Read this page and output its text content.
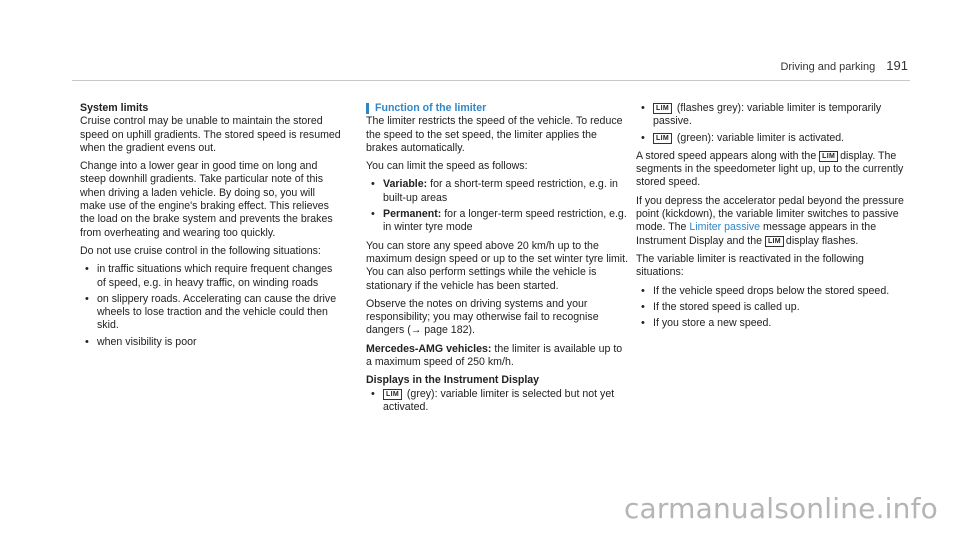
Driving and parking 191
System limits

Cruise control may be unable to maintain the stored speed on uphill gradients. The stored speed is resumed when the gradient evens out.

Change into a lower gear in good time on long and steep downhill gradients. Take particular note of this when driving a laden vehicle. By doing so, you will make use of the engine's braking effect. This relieves the load on the brake system and prevents the brakes from overheating and wearing too quickly.

Do not use cruise control in the following situations:

• in traffic situations which require frequent changes of speed, e.g. in heavy traffic, on winding roads
• on slippery roads. Accelerating can cause the drive wheels to lose traction and the vehicle could then skid.
• when visibility is poor
Function of the limiter

The limiter restricts the speed of the vehicle. To reduce the speed to the set speed, the limiter applies the brakes automatically.

You can limit the speed as follows:

• Variable: for a short-term speed restriction, e.g. in built-up areas
• Permanent: for a longer-term speed restriction, e.g. in winter tyre mode

You can store any speed above 20 km/h up to the maximum design speed or up to the set winter tyre limit. You can also perform settings while the vehicle is stationary if the vehicle has been started.

Observe the notes on driving systems and your responsibility; you may otherwise fail to recognise dangers (→ page 182).

Mercedes-AMG vehicles: the limiter is available up to a maximum speed of 250 km/h.

Displays in the Instrument Display
• LIM (grey): variable limiter is selected but not yet activated.
• LIM (flashes grey): variable limiter is temporarily passive.
• LIM (green): variable limiter is activated.

A stored speed appears along with the LIM display. The segments in the speedometer light up, up to the currently stored speed.

If you depress the accelerator pedal beyond the pressure point (kickdown), the variable limiter switches to passive mode. The Limiter passive message appears in the Instrument Display and the LIM display flashes.

The variable limiter is reactivated in the following situations:

• If the vehicle speed drops below the stored speed.
• If the stored speed is called up.
• If you store a new speed.
carmanualsonline.info
